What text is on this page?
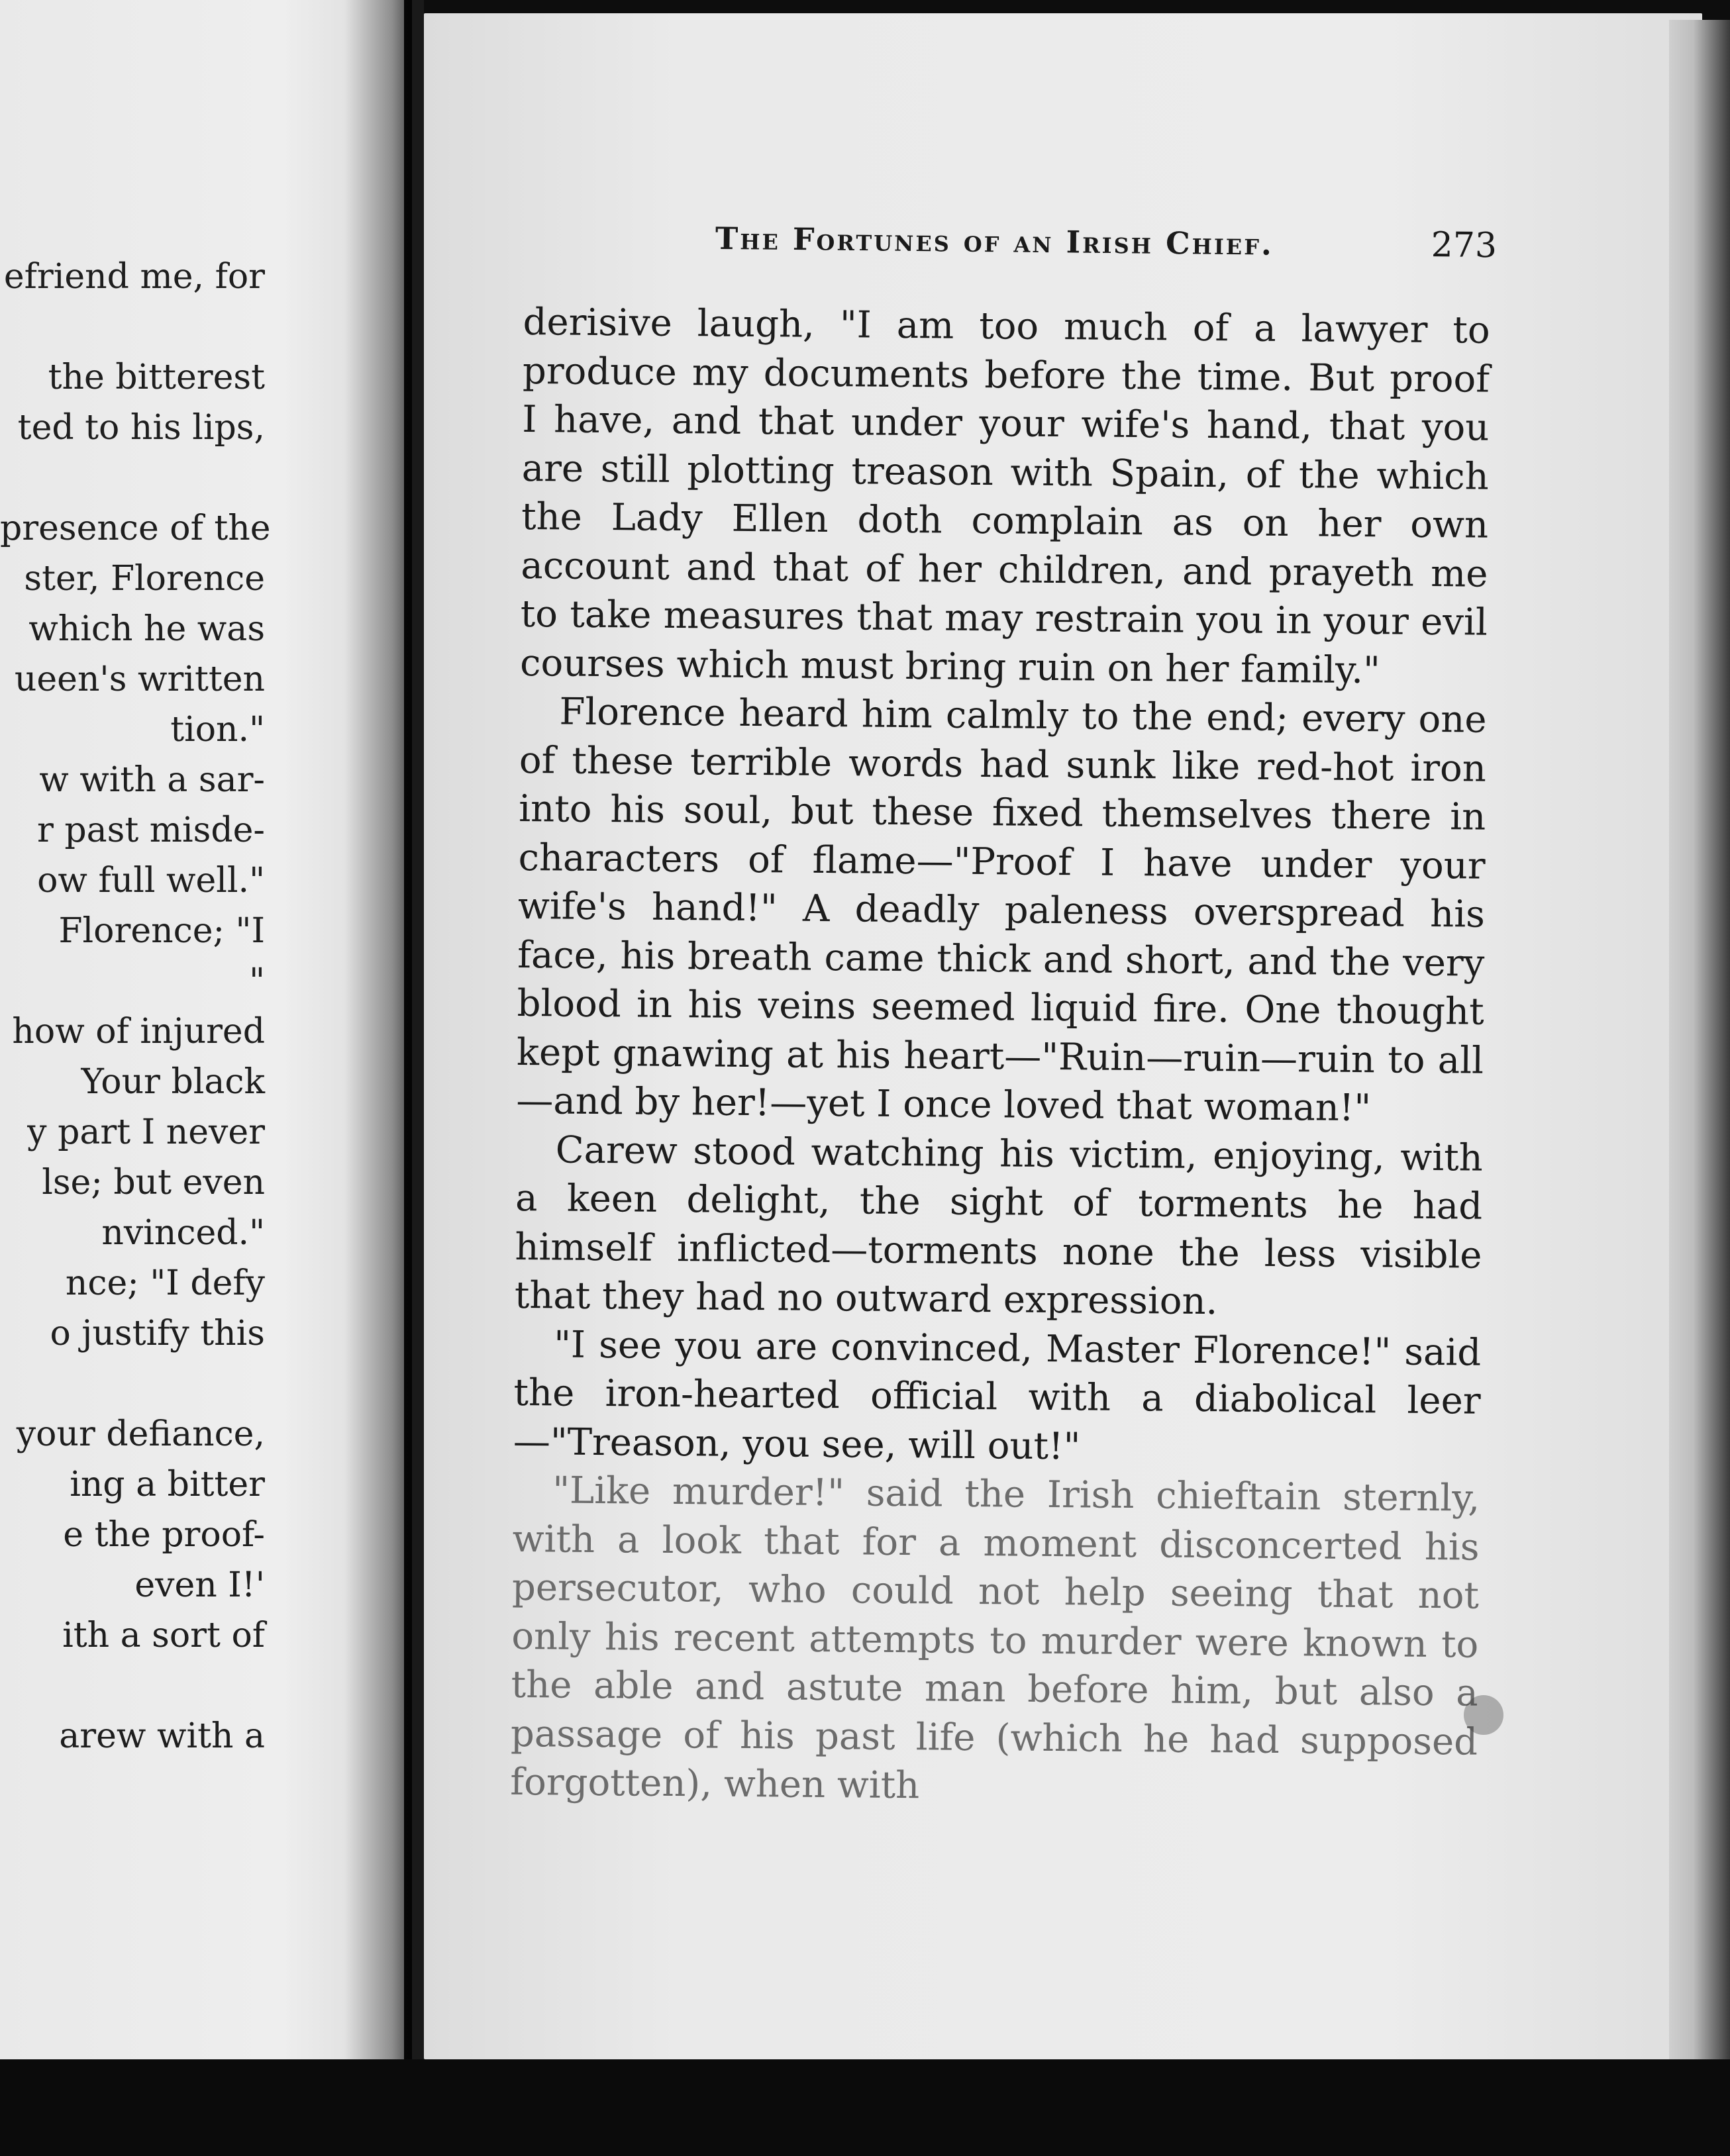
efriend me, for
the bitterest
ted to his lips,
presence of the
ster, Florence
which he was
ueen's written
tion."
w with a sar-
r past misde-
ow full well."
Florence; "I
"
how of injured
Your black
y part I never
lse; but even
nvinced."
nce; "I defy
o justify this
your defiance,
ing a bitter
e the proof-
even I!'
ith a sort of
arew with a
The Fortunes of an Irish Chief.	273

derisive laugh, "I am too much of a lawyer to produce my documents before the time. But proof I have, and that under your wife's hand, that you are still plotting treason with Spain, of the which the Lady Ellen doth complain as on her own account and that of her children, and prayeth me to take measures that may restrain you in your evil courses which must bring ruin on her family."

Florence heard him calmly to the end; every one of these terrible words had sunk like red-hot iron into his soul, but these fixed themselves there in characters of flame—"Proof I have under your wife's hand!" A deadly paleness overspread his face, his breath came thick and short, and the very blood in his veins seemed liquid fire. One thought kept gnawing at his heart—"Ruin—ruin—ruin to all—and by her!—yet I once loved that woman!"

Carew stood watching his victim, enjoying, with a keen delight, the sight of torments he had himself inflicted—torments none the less visible that they had no outward expression.

"I see you are convinced, Master Florence!" said the iron-hearted official with a diabolical leer—"Treason, you see, will out!"

"Like murder!" said the Irish chieftain sternly, with a look that for a moment disconcerted his persecutor, who could not help seeing that not only his recent attempts to murder were known to the able and astute man before him, but also a passage of his past life (which he had supposed forgotten), when with
